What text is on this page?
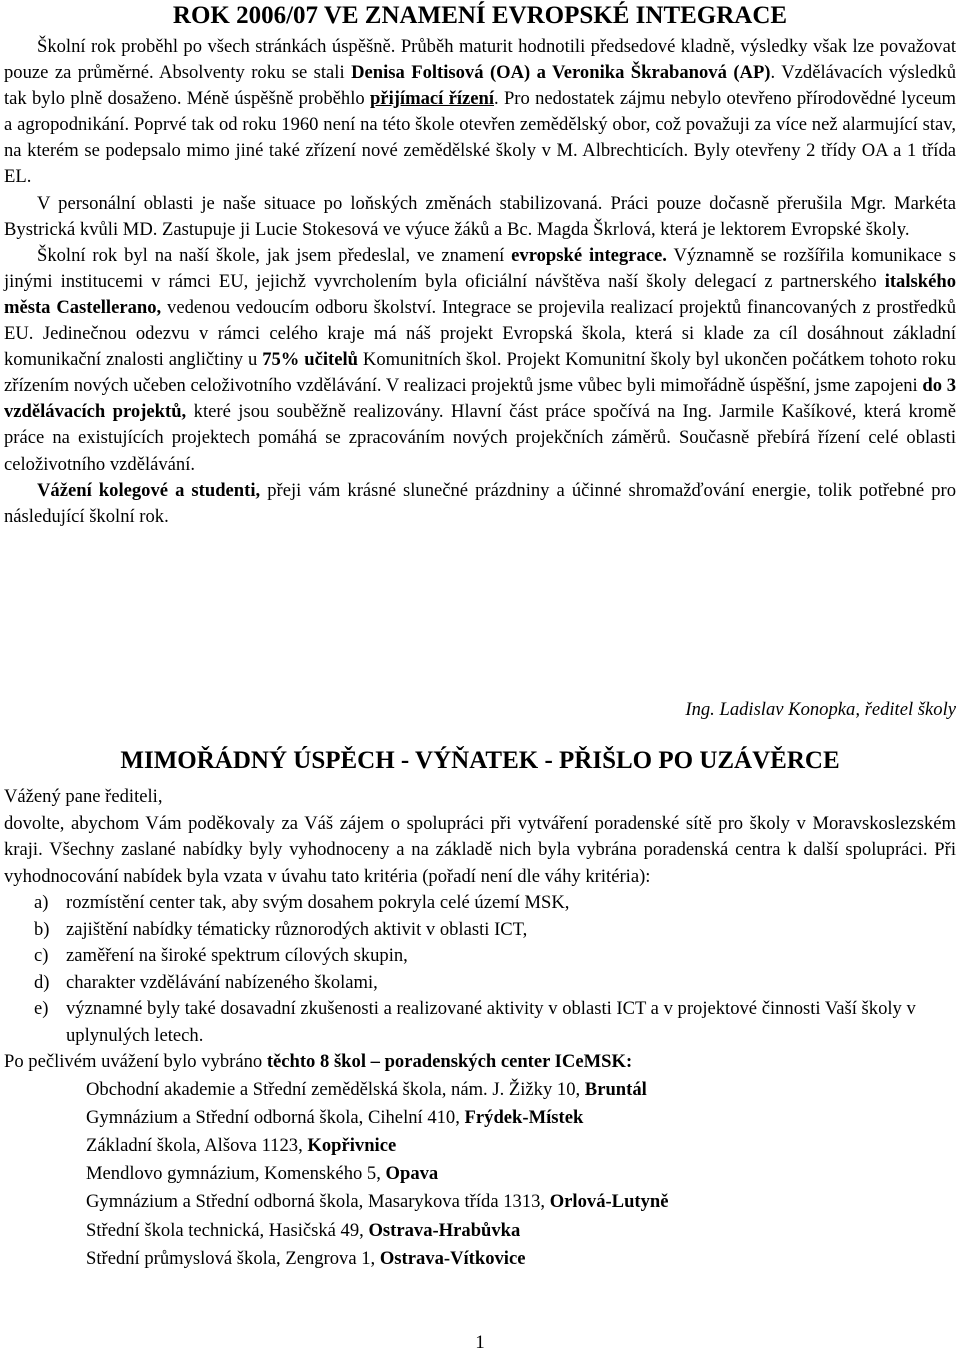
ROK 2006/07 VE ZNAMENÍ EVROPSKÉ INTEGRACE

Školní rok proběhl po všech stránkách úspěšně. Průběh maturit hodnotili předsedové kladně, výsledky však lze považovat pouze za průměrné. Absolventy roku se stali Denisa Foltisová (OA) a Veronika Škrabanová (AP). Vzdělávacích výsledků tak bylo plně dosaženo. Méně úspěšně proběhlo přijímací řízení. Pro nedostatek zájmu nebylo otevřeno přírodovědné lyceum a agropodnikání. Poprvé tak od roku 1960 není na této škole otevřen zemědělský obor, což považuji za více než alarmující stav, na kterém se podepsalo mimo jiné také zřízení nové zemědělské školy v M. Albrechticích. Byly otevřeny 2 třídy OA a 1 třída EL.

V personální oblasti je naše situace po loňských změnách stabilizovaná. Práci pouze dočasně přerušila Mgr. Markéta Bystrická kvůli MD. Zastupuje ji Lucie Stokesová ve výuce žáků a Bc. Magda Škrlová, která je lektorem Evropské školy.

Školní rok byl na naší škole, jak jsem předeslal, ve znamení evropské integrace. Významně se rozšířila komunikace s jinými institucemi v rámci EU, jejichž vyvrcholením byla oficiální návštěva naší školy delegací z partnerského italského města Castellerano, vedenou vedoucím odboru školství. Integrace se projevila realizací projektů financovaných z prostředků EU. Jedinečnou odezvu v rámci celého kraje má náš projekt Evropská škola, která si klade za cíl dosáhnout základní komunikační znalosti angličtiny u 75% učitelů Komunitních škol. Projekt Komunitní školy byl ukončen počátkem tohoto roku zřízením nových učeben celoživotního vzdělávání. V realizaci projektů jsme vůbec byli mimořádně úspěšní, jsme zapojeni do 3 vzdělávacích projektů, které jsou souběžně realizovány. Hlavní část práce spočívá na Ing. Jarmile Kašíkové, která kromě práce na existujících projektech pomáhá se zpracováním nových projekčních záměrů. Současně přebírá řízení celé oblasti celoživotního vzdělávání.

Vážení kolegové a studenti, přeji vám krásné slunečné prázdniny a účinné shromažďování energie, tolik potřebné pro následující školní rok.

Ing. Ladislav Konopka, ředitel školy
MIMOŘÁDNÝ ÚSPĚCH - VÝŇATEK - PŘIŠLO PO UZÁVĚRCE

Vážený pane řediteli,

dovolte, abychom Vám poděkovaly za Váš zájem o spolupráci při vytváření poradenské sítě pro školy v Moravskoslezském kraji. Všechny zaslané nabídky byly vyhodnoceny a na základě nich byla vybrána poradenská centra k další spolupráci. Při vyhodnocování nabídek byla vzata v úvahu tato kritéria (pořadí není dle váhy kritéria):

a) rozmístění center tak, aby svým dosahem pokryla celé území MSK,
b) zajištění nabídky tématicky různorodých aktivit v oblasti ICT,
c) zaměření na široké spektrum cílových skupin,
d) charakter vzdělávání nabízeného školami,
e) významné byly také dosavadní zkušenosti a realizované aktivity v oblasti ICT a v projektové činnosti Vaší školy v uplynulých letech.

Po pečlivém uvážení bylo vybráno těchto 8 škol – poradenských center ICeMSK:

Obchodní akademie a Střední zemědělská škola, nám. J. Žižky 10, Bruntál
Gymnázium a Střední odborná škola, Cihelní 410, Frýdek-Místek
Základní škola, Alšova 1123, Kopřivnice
Mendlovo gymnázium, Komenského 5, Opava
Gymnázium a Střední odborná škola, Masarykova třída 1313, Orlová-Lutyně
Střední škola technická, Hasičská 49, Ostrava-Hrabůvka
Střední průmyslová škola, Zengrova 1, Ostrava-Vítkovice
1
